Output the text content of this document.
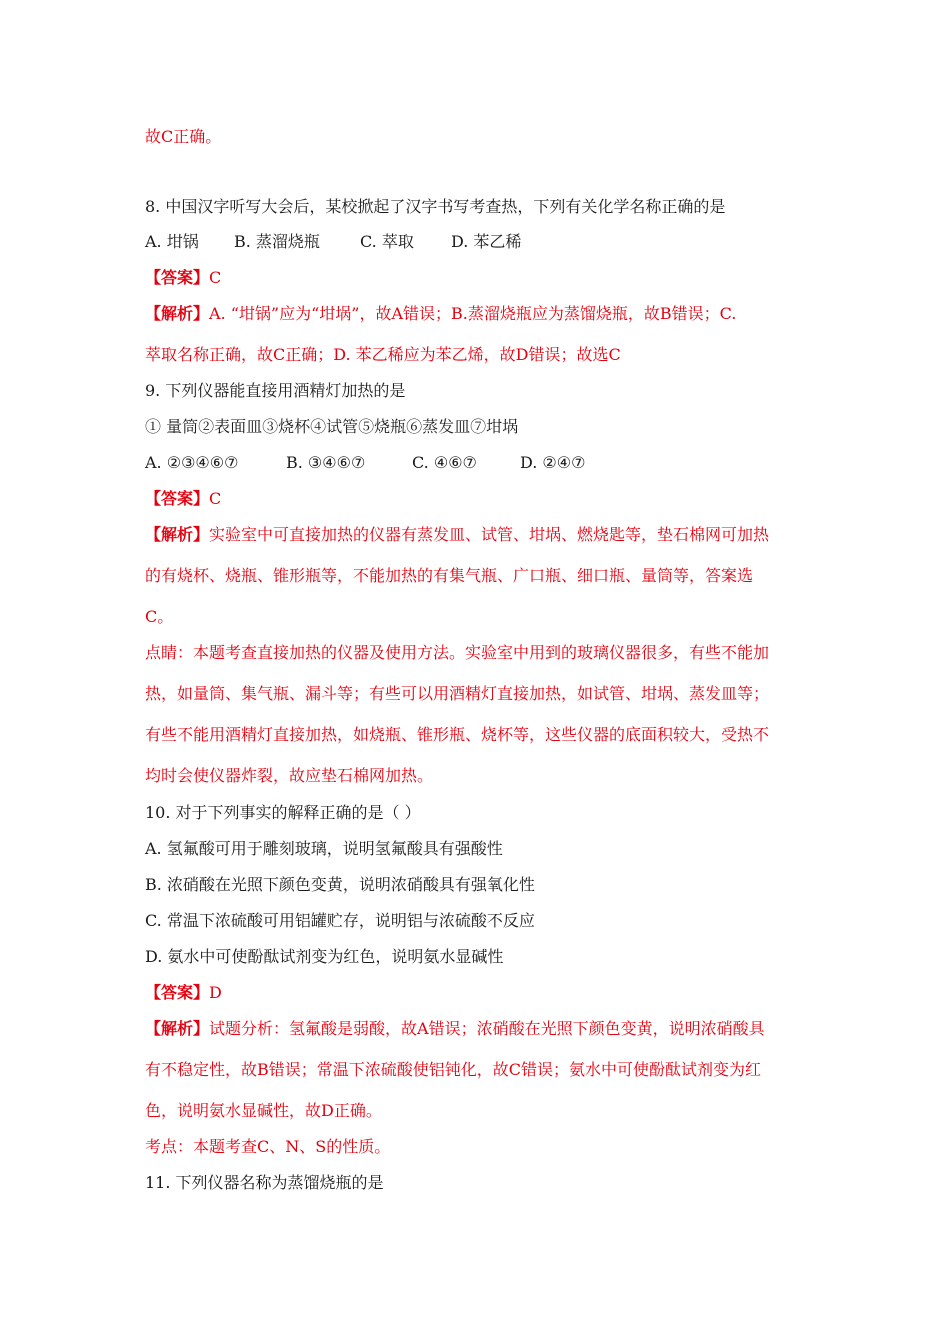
故C正确。
8. 中国汉字听写大会后，某校掀起了汉字书写考查热，下列有关化学名称正确的是
A. 坩锅 B. 蒸溜烧瓶	C. 萃取 D. 苯乙稀
【答案】C
【解析】A. “坩锅”应为“坩埚”，故A错误；B.蒸溜烧瓶应为蒸馏烧瓶，故B错误；C.
萃取名称正确，故C正确；D. 苯乙稀应为苯乙烯，故D错误；故选C
9. 下列仪器能直接用酒精灯加热的是
① 量筒②表面皿③烧杯④试管⑤烧瓶⑥蒸发皿⑦坩埚
A. ②③④⑥⑦	B. ③④⑥⑦	C. ④⑥⑦	D. ②④⑦
【答案】C
【解析】实验室中可直接加热的仪器有蒸发皿、试管、坩埚、燃烧匙等，垫石棉网可加热
的有烧杯、烧瓶、锥形瓶等，不能加热的有集气瓶、广口瓶、细口瓶、量筒等，答案选
C。
点睛：本题考查直接加热的仪器及使用方法。实验室中用到的玻璃仪器很多，有些不能加
热，如量筒、集气瓶、漏斗等；有些可以用酒精灯直接加热，如试管、坩埚、蒸发皿等；
有些不能用酒精灯直接加热，如烧瓶、锥形瓶、烧杯等，这些仪器的底面积较大，受热不
均时会使仪器炸裂，故应垫石棉网加热。
10. 对于下列事实的解释正确的是（ ）
A. 氢氟酸可用于雕刻玻璃，说明氢氟酸具有强酸性
B. 浓硝酸在光照下颜色变黄，说明浓硝酸具有强氧化性
C. 常温下浓硫酸可用铝罐贮存，说明铝与浓硫酸不反应
D. 氨水中可使酚酞试剂变为红色，说明氨水显碱性
【答案】D
【解析】试题分析：氢氟酸是弱酸，故A错误；浓硝酸在光照下颜色变黄，说明浓硝酸具
有不稳定性，故B错误；常温下浓硫酸使铝钝化，故C错误；氨水中可使酚酞试剂变为红
色，说明氨水显碱性，故D正确。
考点：本题考查C、N、S的性质。
11. 下列仪器名称为蒸馏烧瓶的是
